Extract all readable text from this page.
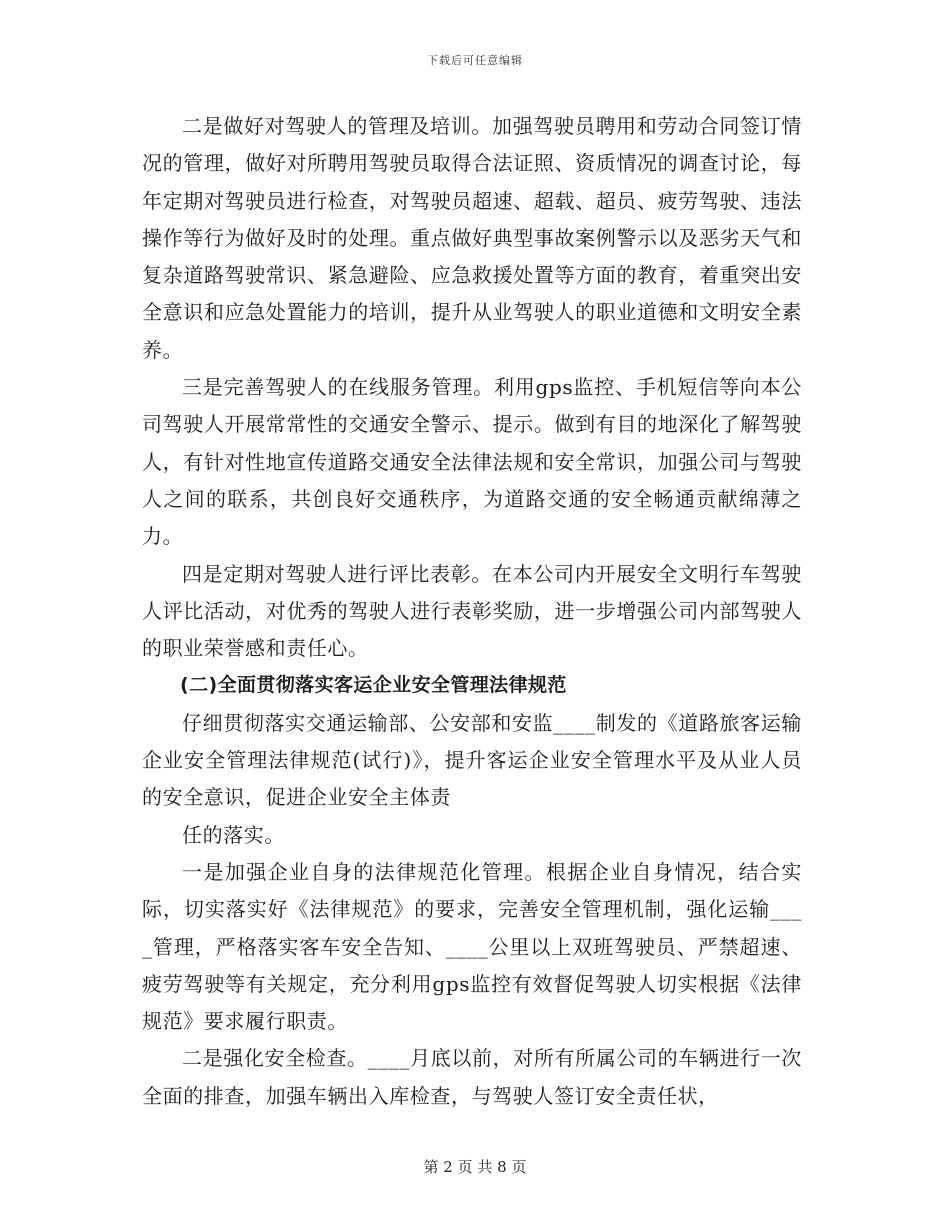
下载后可任意编辑

二是做好对驾驶人的管理及培训。加强驾驶员聘用和劳动合同签订情况的管理，做好对所聘用驾驶员取得合法证照、资质情况的调查讨论，每年定期对驾驶员进行检查，对驾驶员超速、超载、超员、疲劳驾驶、违法操作等行为做好及时的处理。重点做好典型事故案例警示以及恶劣天气和复杂道路驾驶常识、紧急避险、应急救援处置等方面的教育，着重突出安全意识和应急处置能力的培训，提升从业驾驶人的职业道德和文明安全素养。

三是完善驾驶人的在线服务管理。利用gps监控、手机短信等向本公司驾驶人开展常常性的交通安全警示、提示。做到有目的地深化了解驾驶人，有针对性地宣传道路交通安全法律法规和安全常识，加强公司与驾驶人之间的联系，共创良好交通秩序，为道路交通的安全畅通贡献绵薄之力。

四是定期对驾驶人进行评比表彰。在本公司内开展安全文明行车驾驶人评比活动，对优秀的驾驶人进行表彰奖励，进一步增强公司内部驾驶人的职业荣誉感和责任心。

(二)全面贯彻落实客运企业安全管理法律规范

仔细贯彻落实交通运输部、公安部和安监____制发的《道路旅客运输企业安全管理法律规范(试行)》，提升客运企业安全管理水平及从业人员的安全意识，促进企业安全主体责

任的落实。

一是加强企业自身的法律规范化管理。根据企业自身情况，结合实际，切实落实好《法律规范》的要求，完善安全管理机制，强化运输____管理，严格落实客车安全告知、____公里以上双班驾驶员、严禁超速、疲劳驾驶等有关规定，充分利用gps监控有效督促驾驶人切实根据《法律规范》要求履行职责。

二是强化安全检查。____月底以前，对所有所属公司的车辆进行一次全面的排查，加强车辆出入库检查，与驾驶人签订安全责任状，

第 2 页 共 8 页
